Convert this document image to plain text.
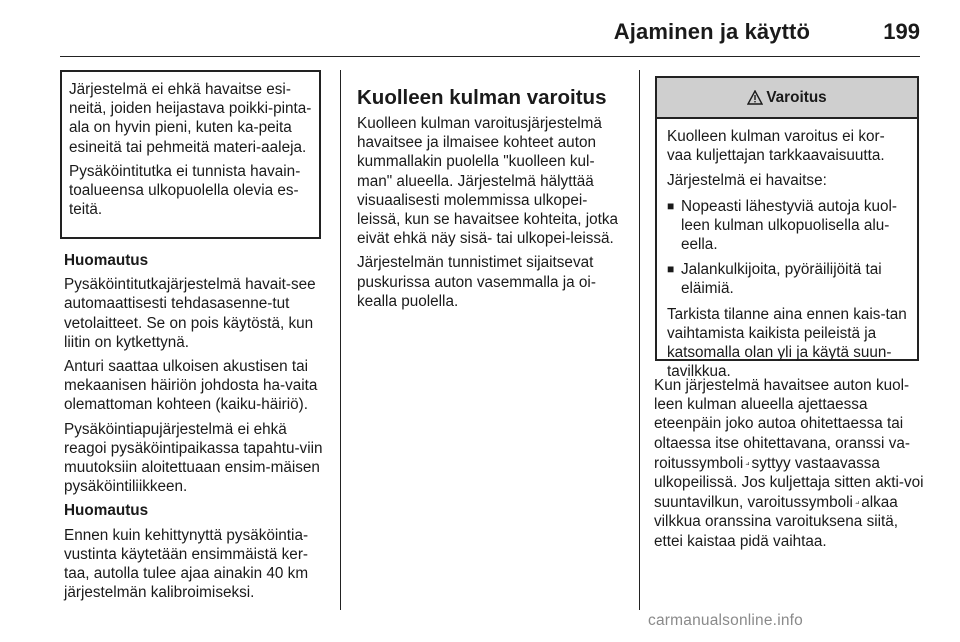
Ajaminen ja käyttö	199

Järjestelmä ei ehkä havaitse esi-neitä, joiden heijastava poikki-pinta-ala on hyvin pieni, kuten ka-peita esineitä tai pehmeitä materi-aaleja.

Pysäköintitutka ei tunnista havain-toalueensa ulkopuolella olevia es-teitä.

Huomautus

Pysäköintitutkajärjestelmä havait-see automaattisesti tehdasasenne-tut vetolaitteet. Se on pois käytöstä, kun liitin on kytkettynä.

Anturi saattaa ulkoisen akustisen tai mekaanisen häiriön johdosta ha-vaita olemattoman kohteen (kaiku-häiriö).

Pysäköintiapujärjestelmä ei ehkä reagoi pysäköintipaikassa tapahtu-viin muutoksiin aloitettuaan ensim-mäisen pysäköintiliikkeen.

Huomautus

Ennen kuin kehittynyttä pysäköintia-vustinta käytetään ensimmäistä ker-taa, autolla tulee ajaa ainakin 40 km järjestelmän kalibroimiseksi.

Kuolleen kulman varoitus

Kuolleen kulman varoitusjärjestelmä havaitsee ja ilmaisee kohteet auton kummallakin puolella "kuolleen kul-man" alueella. Järjestelmä hälyttää visuaalisesti molemmissa ulkopei-leissä, kun se havaitsee kohteita, jotka eivät ehkä näy sisä- tai ulkopei-leissä.

Järjestelmän tunnistimet sijaitsevat puskurissa auton vasemmalla ja oi-kealla puolella.

Varoitus

Kuolleen kulman varoitus ei kor-vaa kuljettajan tarkkaavaisuutta.

Järjestelmä ei havaitse:

■ Nopeasti lähestyviä autoja kuol-leen kulman ulkopuolisella alu-eella.
■ Jalankulkijoita, pyöräilijöitä tai eläimiä.

Tarkista tilanne aina ennen kais-tan vaihtamista kaikista peileistä ja katsomalla olan yli ja käytä suun-tavilkkua.

Kun järjestelmä havaitsee auton kuol-leen kulman alueella ajettaessa eteenpäin joko autoa ohitettaessa tai oltaessa itse ohitettavana, oranssi va-roitussymboli ⟓ syttyy vastaavassa ulkopeilissä. Jos kuljettaja sitten akti-voi suuntavilkun, varoitussymboli ⟓ alkaa vilkkua oranssina varoituksena siitä, ettei kaistaa pidä vaihtaa.

carmanualsonline.info
